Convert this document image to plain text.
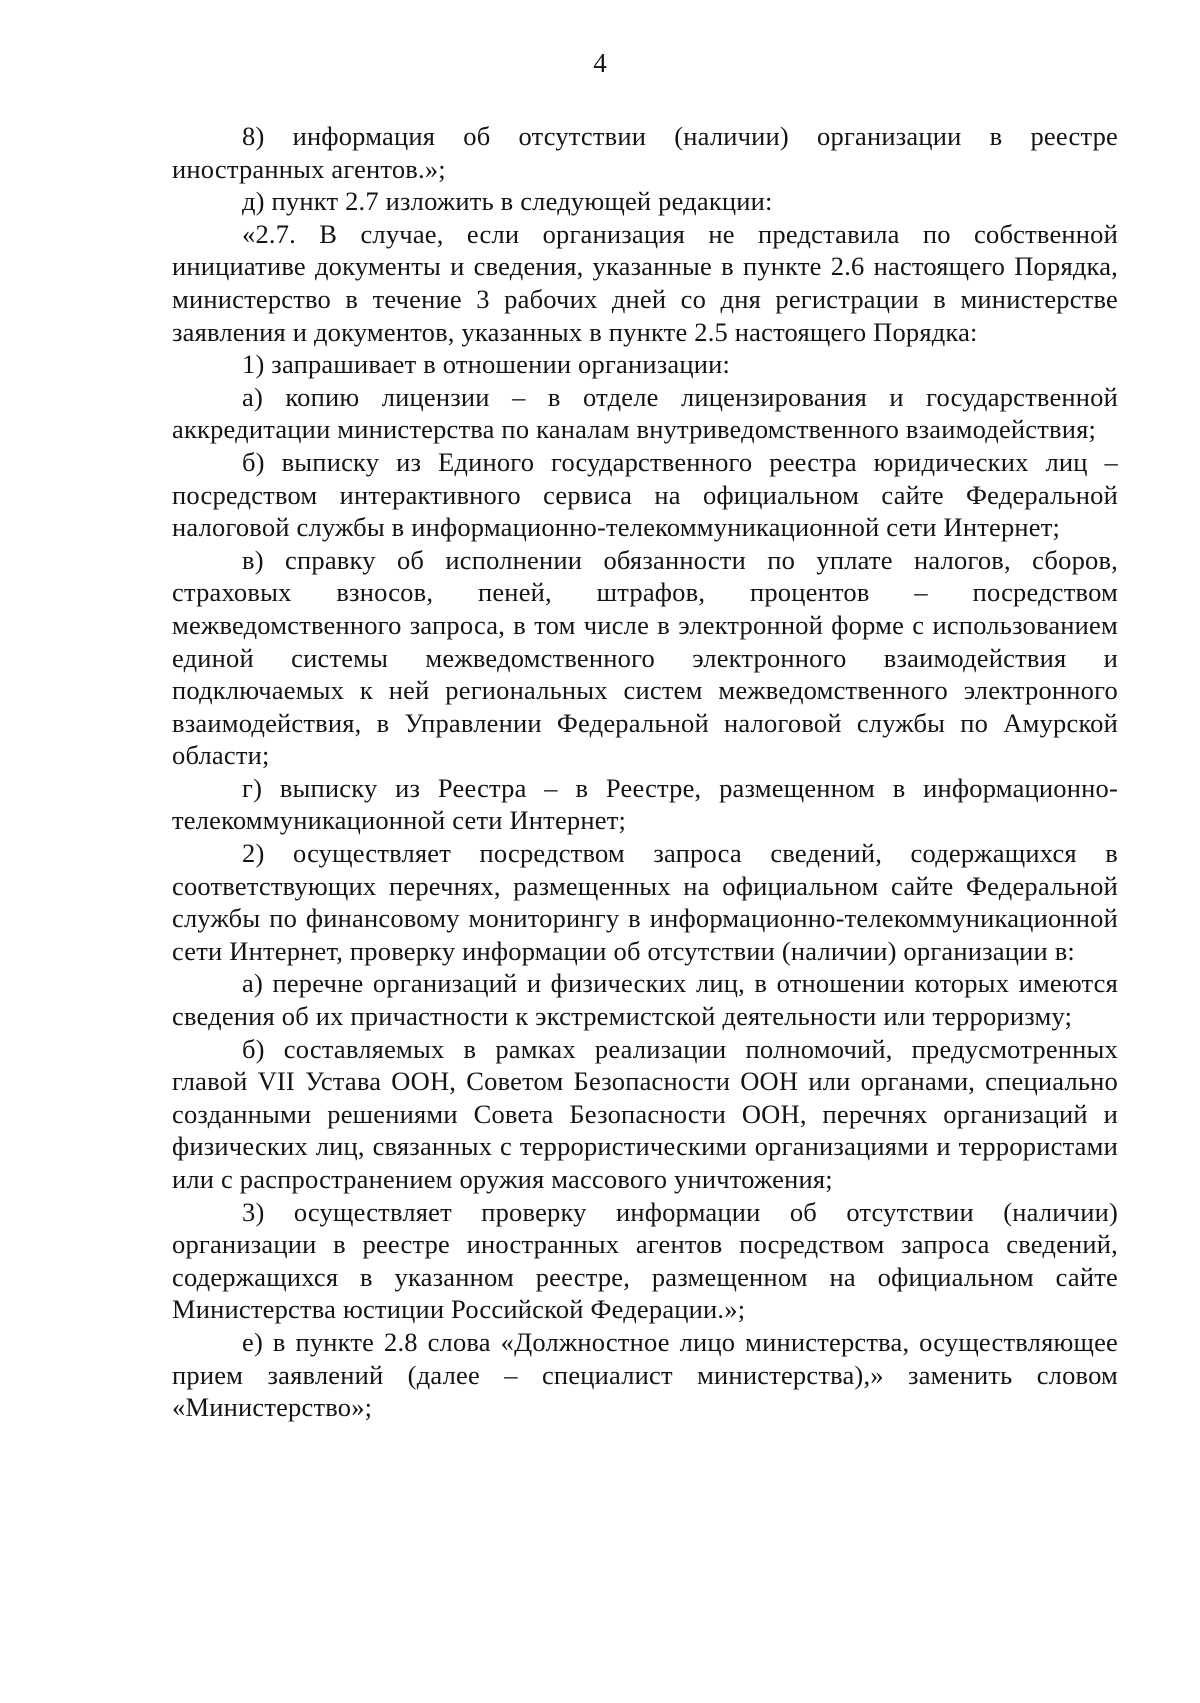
4

8) информация об отсутствии (наличии) организации в реестре иностранных агентов.»;

д) пункт 2.7 изложить в следующей редакции:

«2.7. В случае, если организация не представила по собственной инициативе документы и сведения, указанные в пункте 2.6 настоящего Порядка, министерство в течение 3 рабочих дней со дня регистрации в министерстве заявления и документов, указанных в пункте 2.5 настоящего Порядка:

1) запрашивает в отношении организации:

а) копию лицензии – в отделе лицензирования и государственной аккредитации министерства по каналам внутриведомственного взаимодействия;

б) выписку из Единого государственного реестра юридических лиц – посредством интерактивного сервиса на официальном сайте Федеральной налоговой службы в информационно-телекоммуникационной сети Интернет;

в) справку об исполнении обязанности по уплате налогов, сборов, страховых взносов, пеней, штрафов, процентов – посредством межведомственного запроса, в том числе в электронной форме с использованием единой системы межведомственного электронного взаимодействия и подключаемых к ней региональных систем межведомственного электронного взаимодействия, в Управлении Федеральной налоговой службы по Амурской области;

г) выписку из Реестра – в Реестре, размещенном в информационно-телекоммуникационной сети Интернет;

2) осуществляет посредством запроса сведений, содержащихся в соответствующих перечнях, размещенных на официальном сайте Федеральной службы по финансовому мониторингу в информационно-телекоммуникационной сети Интернет, проверку информации об отсутствии (наличии) организации в:

а) перечне организаций и физических лиц, в отношении которых имеются сведения об их причастности к экстремистской деятельности или терроризму;

б) составляемых в рамках реализации полномочий, предусмотренных главой VII Устава ООН, Советом Безопасности ООН или органами, специально созданными решениями Совета Безопасности ООН, перечнях организаций и физических лиц, связанных с террористическими организациями и террористами или с распространением оружия массового уничтожения;

3) осуществляет проверку информации об отсутствии (наличии) организации в реестре иностранных агентов посредством запроса сведений, содержащихся в указанном реестре, размещенном на официальном сайте Министерства юстиции Российской Федерации.»;

е) в пункте 2.8 слова «Должностное лицо министерства, осуществляющее прием заявлений (далее – специалист министерства),» заменить словом «Министерство»;
